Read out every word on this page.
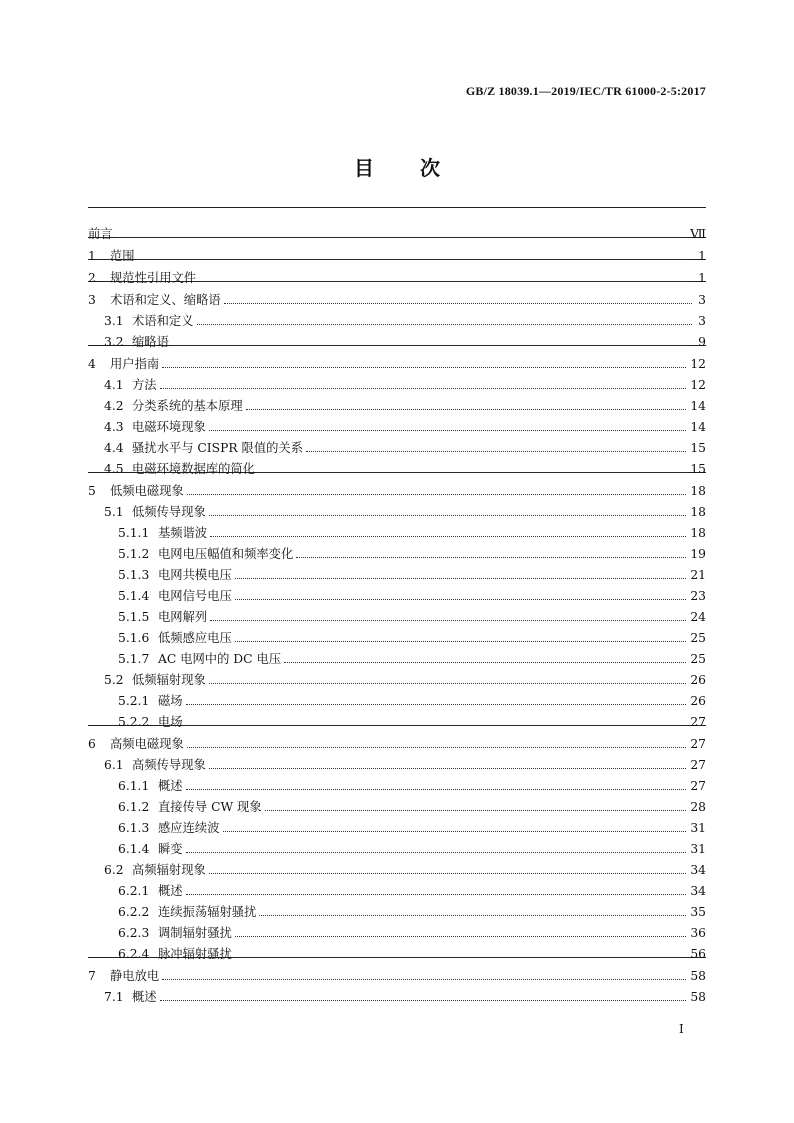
GB/Z 18039.1—2019/IEC/TR 61000-2-5:2017
目 次
前言	Ⅶ
1	范围	1
2	规范性引用文件	1
3	术语和定义、缩略语	3
3.1 术语和定义	3
3.2 缩略语	9
4	用户指南	12
4.1 方法	12
4.2 分类系统的基本原理	14
4.3 电磁环境现象	14
4.4 骚扰水平与 CISPR 限值的关系	15
4.5 电磁环境数据库的简化	15
5	低频电磁现象	18
5.1 低频传导现象	18
5.1.1 基频谐波	18
5.1.2 电网电压幅值和频率变化	19
5.1.3 电网共模电压	21
5.1.4 电网信号电压	23
5.1.5 电网解列	24
5.1.6 低频感应电压	25
5.1.7 AC 电网中的 DC 电压	25
5.2 低频辐射现象	26
5.2.1 磁场	26
5.2.2 电场	27
6	高频电磁现象	27
6.1 高频传导现象	27
6.1.1 概述	27
6.1.2 直接传导 CW 现象	28
6.1.3 感应连续波	31
6.1.4 瞬变	31
6.2 高频辐射现象	34
6.2.1 概述	34
6.2.2 连续振荡辐射骚扰	35
6.2.3 调制辐射骚扰	36
6.2.4 脉冲辐射骚扰	56
7	静电放电	58
7.1 概述	58
I
